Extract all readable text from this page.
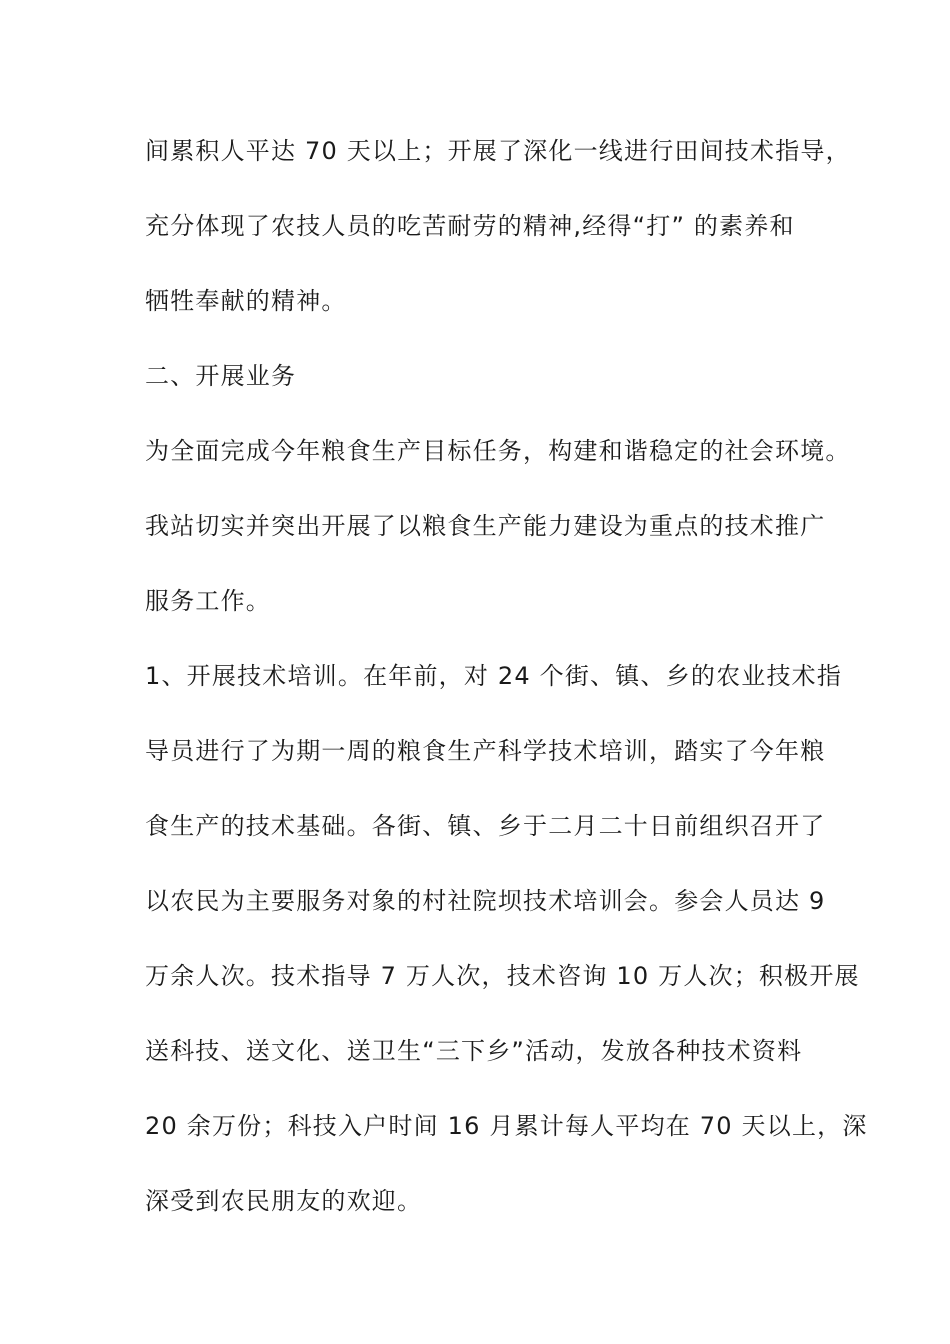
间累积人平达 70 天以上；开展了深化一线进行田间技术指导，
充分体现了农技人员的吃苦耐劳的精神,经得“打” 的素养和
牺牲奉献的精神。
二、开展业务
为全面完成今年粮食生产目标任务，构建和谐稳定的社会环境。
我站切实并突出开展了以粮食生产能力建设为重点的技术推广
服务工作。
1、开展技术培训。在年前，对 24 个街、镇、乡的农业技术指
导员进行了为期一周的粮食生产科学技术培训，踏实了今年粮
食生产的技术基础。各街、镇、乡于二月二十日前组织召开了
以农民为主要服务对象的村社院坝技术培训会。参会人员达 9
万余人次。技术指导 7 万人次，技术咨询 10 万人次；积极开展
送科技、送文化、送卫生“三下乡”活动，发放各种技术资料
20 余万份；科技入户时间 16 月累计每人平均在 70 天以上，深
深受到农民朋友的欢迎。
